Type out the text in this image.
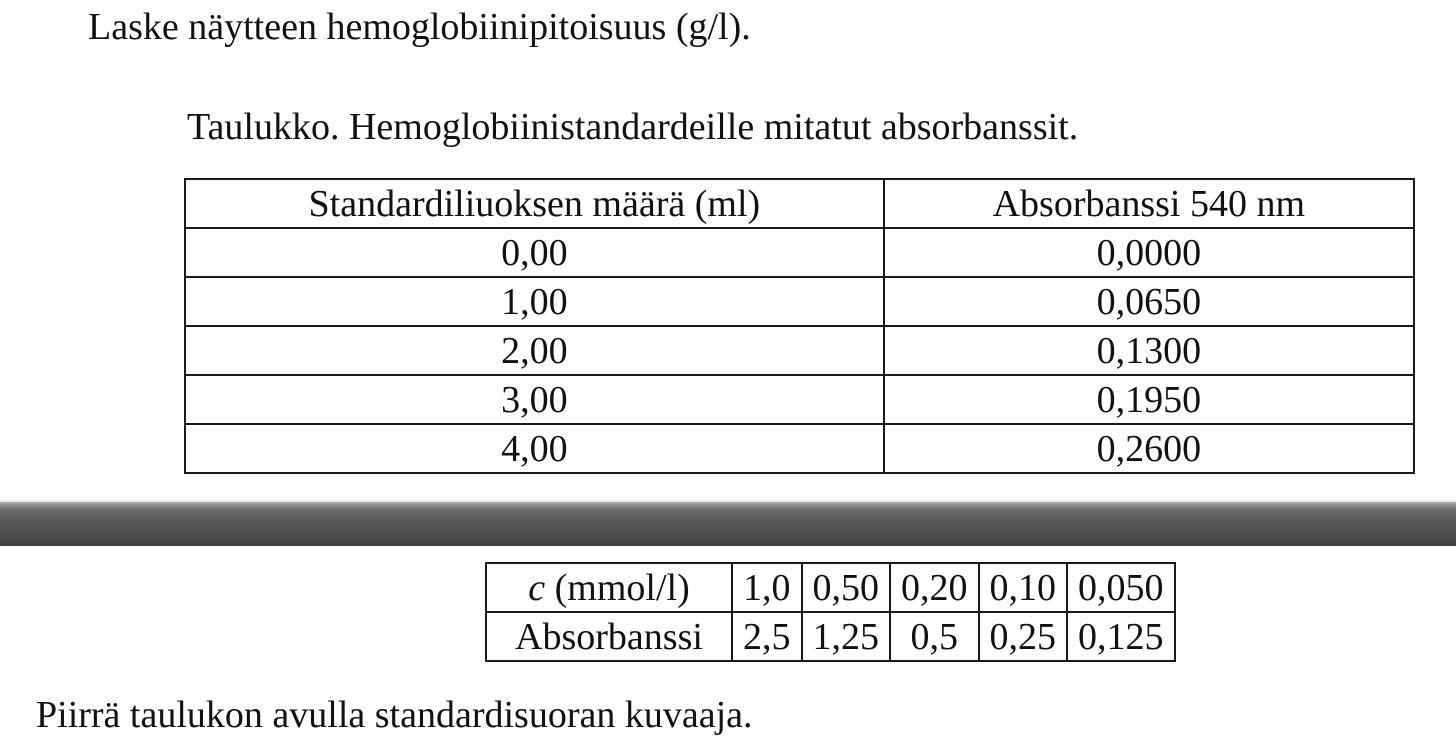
Laske näytteen hemoglobiinipitoisuus (g/l).
Taulukko. Hemoglobiinistandardeille mitatut absorbanssit.
Standardiliuoksen määrä (ml)	Absorbanssi 540 nm
0,00	0,0000
1,00	0,0650
2,00	0,1300
3,00	0,1950
4,00	0,2600
c (mmol/l)	1,0	0,50	0,20	0,10	0,050
Absorbanssi	2,5	1,25	0,5	0,25	0,125
Piirrä taulukon avulla standardisuoran kuvaaja.
